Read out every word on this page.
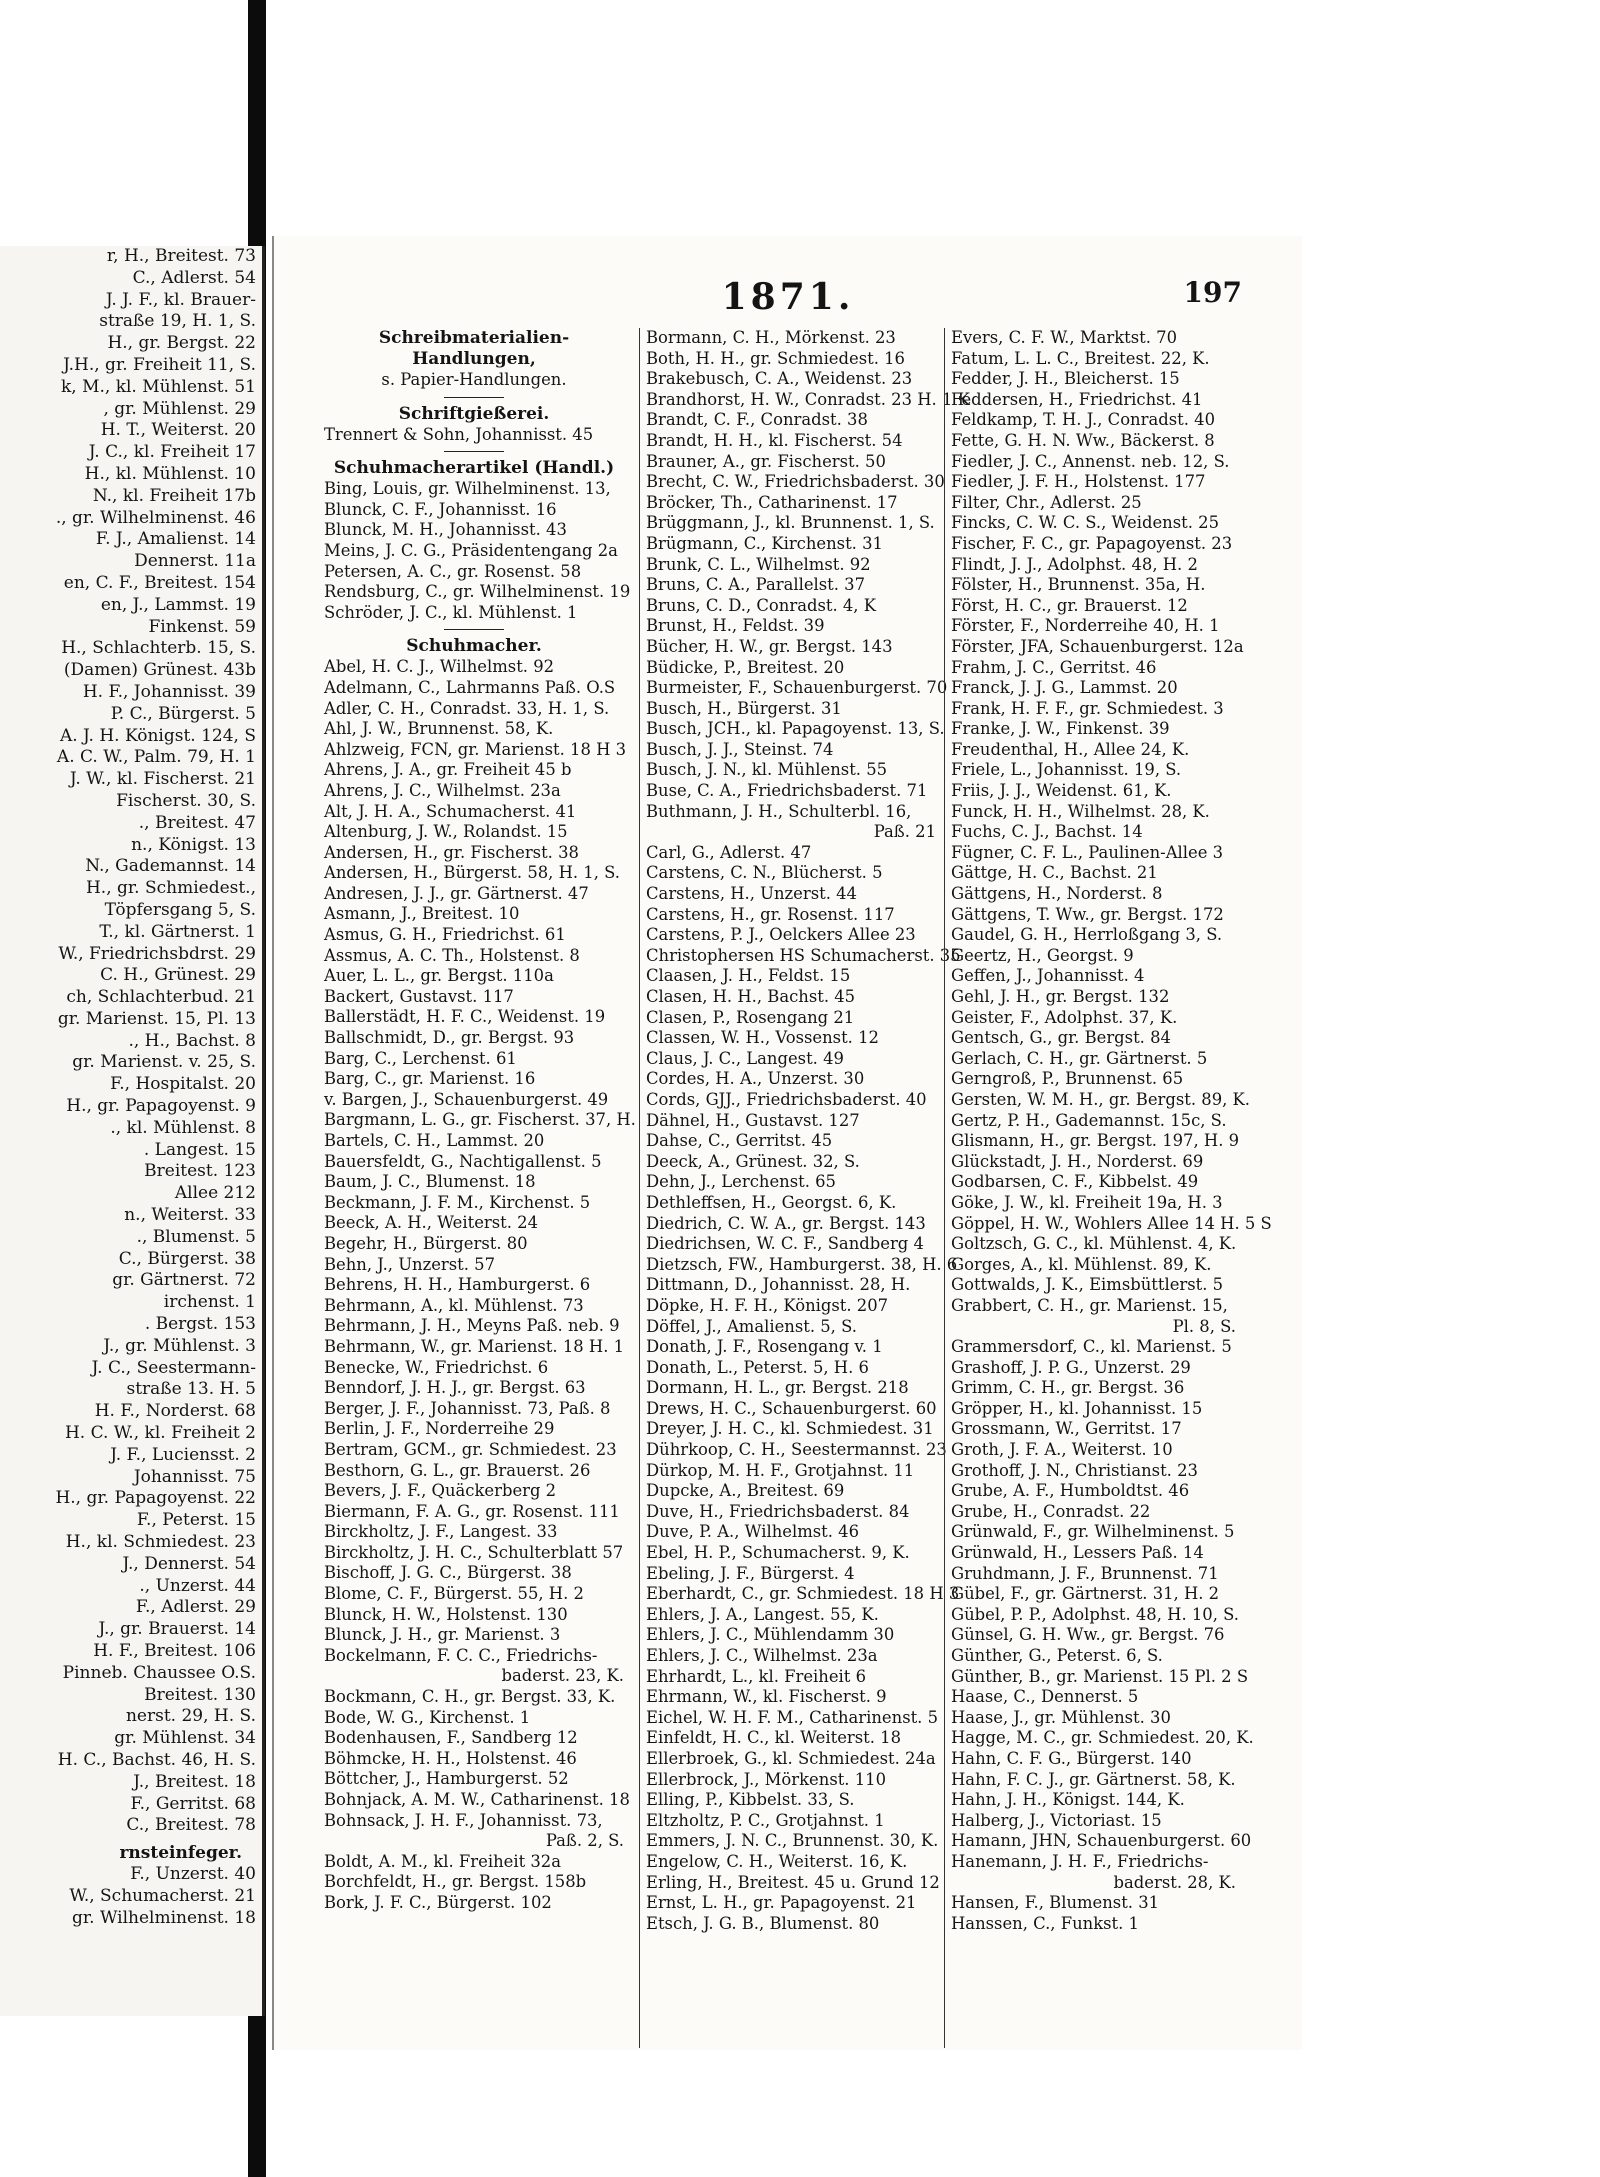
r, H., Breitest. 73
C., Adlerst. 54
J. J. F., kl. Brauer-
straße 19, H. 1, S.
H., gr. Bergst. 22
J.H., gr. Freiheit 11, S.
k, M., kl. Mühlenst. 51
, gr. Mühlenst. 29
H. T., Weiterst. 20
J. C., kl. Freiheit 17
H., kl. Mühlenst. 10
N., kl. Freiheit 17b
., gr. Wilhelminenst. 46
F. J., Amalienst. 14
Dennerst. 11a
en, C. F., Breitest. 154
en, J., Lammst. 19
Finkenst. 59
H., Schlachterb. 15, S.
(Damen) Grünest. 43b
H. F., Johannisst. 39
P. C., Bürgerst. 5
A. J. H. Königst. 124, S
A. C. W., Palm. 79, H. 1
J. W., kl. Fischerst. 21
Fischerst. 30, S.
., Breitest. 47
n., Königst. 13
N., Gademannst. 14
H., gr. Schmiedest.,
Töpfersgang 5, S.
T., kl. Gärtnerst. 1
W., Friedrichsbdrst. 29
C. H., Grünest. 29
ch, Schlachterbud. 21
gr. Marienst. 15, Pl. 13
., H., Bachst. 8
gr. Marienst. v. 25, S.
F., Hospitalst. 20
H., gr. Papagoyenst. 9
., kl. Mühlenst. 8
. Langest. 15
Breitest. 123
Allee 212
n., Weiterst. 33
., Blumenst. 5
C., Bürgerst. 38
gr. Gärtnerst. 72
irchenst. 1
. Bergst. 153
J., gr. Mühlenst. 3
J. C., Seestermann-
straße 13. H. 5
H. F., Norderst. 68
H. C. W., kl. Freiheit 2
J. F., Luciensst. 2
Johannisst. 75
H., gr. Papagoyenst. 22
F., Peterst. 15
H., kl. Schmiedest. 23
J., Dennerst. 54
., Unzerst. 44
F., Adlerst. 29
J., gr. Brauerst. 14
H. F., Breitest. 106
Pinneb. Chaussee O.S.
Breitest. 130
nerst. 29, H. S.
gr. Mühlenst. 34
H. C., Bachst. 46, H. S.
J., Breitest. 18
F., Gerritst. 68
C., Breitest. 78
rnsteinfeger.
F., Unzerst. 40
W., Schumacherst. 21
gr. Wilhelminenst. 18
1871.	197
Schreibmaterialien-
Handlungen,
s. Papier-Handlungen.
Schriftgießerei.
Trennert & Sohn, Johannisst. 45
Schuhmacherartikel (Handl.)
Bing, Louis, gr. Wilhelminenst. 13,
Blunck, C. F., Johannisst. 16
Blunck, M. H., Johannisst. 43
Meins, J. C. G., Präsidentengang 2a
Petersen, A. C., gr. Rosenst. 58
Rendsburg, C., gr. Wilhelminenst. 19
Schröder, J. C., kl. Mühlenst. 1
Schuhmacher.
Abel, H. C. J., Wilhelmst. 92
Adelmann, C., Lahrmanns Paß. O.S
Adler, C. H., Conradst. 33, H. 1, S.
Ahl, J. W., Brunnenst. 58, K.
Ahlzweig, FCN, gr. Marienst. 18 H 3
Ahrens, J. A., gr. Freiheit 45 b
Ahrens, J. C., Wilhelmst. 23a
Alt, J. H. A., Schumacherst. 41
Altenburg, J. W., Rolandst. 15
Andersen, H., gr. Fischerst. 38
Andersen, H., Bürgerst. 58, H. 1, S.
Andresen, J. J., gr. Gärtnerst. 47
Asmann, J., Breitest. 10
Asmus, G. H., Friedrichst. 61
Assmus, A. C. Th., Holstenst. 8
Auer, L. L., gr. Bergst. 110a
Backert, Gustavst. 117
Ballerstädt, H. F. C., Weidenst. 19
Ballschmidt, D., gr. Bergst. 93
Barg, C., Lerchenst. 61
Barg, C., gr. Marienst. 16
v. Bargen, J., Schauenburgerst. 49
Bargmann, L. G., gr. Fischerst. 37, H.
Bartels, C. H., Lammst. 20
Bauersfeldt, G., Nachtigallenst. 5
Baum, J. C., Blumenst. 18
Beckmann, J. F. M., Kirchenst. 5
Beeck, A. H., Weiterst. 24
Begehr, H., Bürgerst. 80
Behn, J., Unzerst. 57
Behrens, H. H., Hamburgerst. 6
Behrmann, A., kl. Mühlenst. 73
Behrmann, J. H., Meyns Paß. neb. 9
Behrmann, W., gr. Marienst. 18 H. 1
Benecke, W., Friedrichst. 6
Benndorf, J. H. J., gr. Bergst. 63
Berger, J. F., Johannisst. 73, Paß. 8
Berlin, J. F., Norderreihe 29
Bertram, GCM., gr. Schmiedest. 23
Besthorn, G. L., gr. Brauerst. 26
Bevers, J. F., Quäckerberg 2
Biermann, F. A. G., gr. Rosenst. 111
Birckholtz, J. F., Langest. 33
Birckholtz, J. H. C., Schulterblatt 57
Bischoff, J. G. C., Bürgerst. 38
Blome, C. F., Bürgerst. 55, H. 2
Blunck, H. W., Holstenst. 130
Blunck, J. H., gr. Marienst. 3
Bockelmann, F. C. C., Friedrichs-
baderst. 23, K.
Bockmann, C. H., gr. Bergst. 33, K.
Bode, W. G., Kirchenst. 1
Bodenhausen, F., Sandberg 12
Böhmcke, H. H., Holstenst. 46
Böttcher, J., Hamburgerst. 52
Bohnjack, A. M. W., Catharinenst. 18
Bohnsack, J. H. F., Johannisst. 73,
Paß. 2, S.
Boldt, A. M., kl. Freiheit 32a
Borchfeldt, H., gr. Bergst. 158b
Bork, J. F. C., Bürgerst. 102
Bormann, C. H., Mörkenst. 23
Both, H. H., gr. Schmiedest. 16
Brakebusch, C. A., Weidenst. 23
Brandhorst, H. W., Conradst. 23 H. 1 K
Brandt, C. F., Conradst. 38
Brandt, H. H., kl. Fischerst. 54
Brauner, A., gr. Fischerst. 50
Brecht, C. W., Friedrichsbaderst. 30
Bröcker, Th., Catharinenst. 17
Brüggmann, J., kl. Brunnenst. 1, S.
Brügmann, C., Kirchenst. 31
Brunk, C. L., Wilhelmst. 92
Bruns, C. A., Parallelst. 37
Bruns, C. D., Conradst. 4, K
Brunst, H., Feldst. 39
Bücher, H. W., gr. Bergst. 143
Büdicke, P., Breitest. 20
Burmeister, F., Schauenburgerst. 70
Busch, H., Bürgerst. 31
Busch, JCH., kl. Papagoyenst. 13, S.
Busch, J. J., Steinst. 74
Busch, J. N., kl. Mühlenst. 55
Buse, C. A., Friedrichsbaderst. 71
Buthmann, J. H., Schulterbl. 16,
Paß. 21
Carl, G., Adlerst. 47
Carstens, C. N., Blücherst. 5
Carstens, H., Unzerst. 44
Carstens, H., gr. Rosenst. 117
Carstens, P. J., Oelckers Allee 23
Christophersen HS Schumacherst. 35
Claasen, J. H., Feldst. 15
Clasen, H. H., Bachst. 45
Clasen, P., Rosengang 21
Classen, W. H., Vossenst. 12
Claus, J. C., Langest. 49
Cordes, H. A., Unzerst. 30
Cords, GJJ., Friedrichsbaderst. 40
Dähnel, H., Gustavst. 127
Dahse, C., Gerritst. 45
Deeck, A., Grünest. 32, S.
Dehn, J., Lerchenst. 65
Dethleffsen, H., Georgst. 6, K.
Diedrich, C. W. A., gr. Bergst. 143
Diedrichsen, W. C. F., Sandberg 4
Dietzsch, FW., Hamburgerst. 38, H. 6
Dittmann, D., Johannisst. 28, H.
Döpke, H. F. H., Königst. 207
Döffel, J., Amalienst. 5, S.
Donath, J. F., Rosengang v. 1
Donath, L., Peterst. 5, H. 6
Dormann, H. L., gr. Bergst. 218
Drews, H. C., Schauenburgerst. 60
Dreyer, J. H. C., kl. Schmiedest. 31
Dührkoop, C. H., Seestermannst. 23
Dürkop, M. H. F., Grotjahnst. 11
Dupcke, A., Breitest. 69
Duve, H., Friedrichsbaderst. 84
Duve, P. A., Wilhelmst. 46
Ebel, H. P., Schumacherst. 9, K.
Ebeling, J. F., Bürgerst. 4
Eberhardt, C., gr. Schmiedest. 18 H 3
Ehlers, J. A., Langest. 55, K.
Ehlers, J. C., Mühlendamm 30
Ehlers, J. C., Wilhelmst. 23a
Ehrhardt, L., kl. Freiheit 6
Ehrmann, W., kl. Fischerst. 9
Eichel, W. H. F. M., Catharinenst. 5
Einfeldt, H. C., kl. Weiterst. 18
Ellerbroek, G., kl. Schmiedest. 24a
Ellerbrock, J., Mörkenst. 110
Elling, P., Kibbelst. 33, S.
Eltzholtz, P. C., Grotjahnst. 1
Emmers, J. N. C., Brunnenst. 30, K.
Engelow, C. H., Weiterst. 16, K.
Erling, H., Breitest. 45 u. Grund 12
Ernst, L. H., gr. Papagoyenst. 21
Etsch, J. G. B., Blumenst. 80
Evers, C. F. W., Marktst. 70
Fatum, L. L. C., Breitest. 22, K.
Fedder, J. H., Bleicherst. 15
Feddersen, H., Friedrichst. 41
Feldkamp, T. H. J., Conradst. 40
Fette, G. H. N. Ww., Bäckerst. 8
Fiedler, J. C., Annenst. neb. 12, S.
Fiedler, J. F. H., Holstenst. 177
Filter, Chr., Adlerst. 25
Fincks, C. W. C. S., Weidenst. 25
Fischer, F. C., gr. Papagoyenst. 23
Flindt, J. J., Adolphst. 48, H. 2
Fölster, H., Brunnenst. 35a, H.
Först, H. C., gr. Brauerst. 12
Förster, F., Norderreihe 40, H. 1
Förster, JFA, Schauenburgerst. 12a
Frahm, J. C., Gerritst. 46
Franck, J. J. G., Lammst. 20
Frank, H. F. F., gr. Schmiedest. 3
Franke, J. W., Finkenst. 39
Freudenthal, H., Allee 24, K.
Friele, L., Johannisst. 19, S.
Friis, J. J., Weidenst. 61, K.
Funck, H. H., Wilhelmst. 28, K.
Fuchs, C. J., Bachst. 14
Fügner, C. F. L., Paulinen-Allee 3
Gättge, H. C., Bachst. 21
Gättgens, H., Norderst. 8
Gättgens, T. Ww., gr. Bergst. 172
Gaudel, G. H., Herrloßgang 3, S.
Geertz, H., Georgst. 9
Geffen, J., Johannisst. 4
Gehl, J. H., gr. Bergst. 132
Geister, F., Adolphst. 37, K.
Gentsch, G., gr. Bergst. 84
Gerlach, C. H., gr. Gärtnerst. 5
Gerngroß, P., Brunnenst. 65
Gersten, W. M. H., gr. Bergst. 89, K.
Gertz, P. H., Gademannst. 15c, S.
Glismann, H., gr. Bergst. 197, H. 9
Glückstadt, J. H., Norderst. 69
Godbarsen, C. F., Kibbelst. 49
Göke, J. W., kl. Freiheit 19a, H. 3
Göppel, H. W., Wohlers Allee 14 H. 5 S
Goltzsch, G. C., kl. Mühlenst. 4, K.
Gorges, A., kl. Mühlenst. 89, K.
Gottwalds, J. K., Eimsbüttlerst. 5
Grabbert, C. H., gr. Marienst. 15,
Pl. 8, S.
Grammersdorf, C., kl. Marienst. 5
Grashoff, J. P. G., Unzerst. 29
Grimm, C. H., gr. Bergst. 36
Gröpper, H., kl. Johannisst. 15
Grossmann, W., Gerritst. 17
Groth, J. F. A., Weiterst. 10
Grothoff, J. N., Christianst. 23
Grube, A. F., Humboldtst. 46
Grube, H., Conradst. 22
Grünwald, F., gr. Wilhelminenst. 5
Grünwald, H., Lessers Paß. 14
Gruhdmann, J. F., Brunnenst. 71
Gübel, F., gr. Gärtnerst. 31, H. 2
Gübel, P. P., Adolphst. 48, H. 10, S.
Günsel, G. H. Ww., gr. Bergst. 76
Günther, G., Peterst. 6, S.
Günther, B., gr. Marienst. 15 Pl. 2 S
Haase, C., Dennerst. 5
Haase, J., gr. Mühlenst. 30
Hagge, M. C., gr. Schmiedest. 20, K.
Hahn, C. F. G., Bürgerst. 140
Hahn, F. C. J., gr. Gärtnerst. 58, K.
Hahn, J. H., Königst. 144, K.
Halberg, J., Victoriast. 15
Hamann, JHN, Schauenburgerst. 60
Hanemann, J. H. F., Friedrichs-
baderst. 28, K.
Hansen, F., Blumenst. 31
Hanssen, C., Funkst. 1
